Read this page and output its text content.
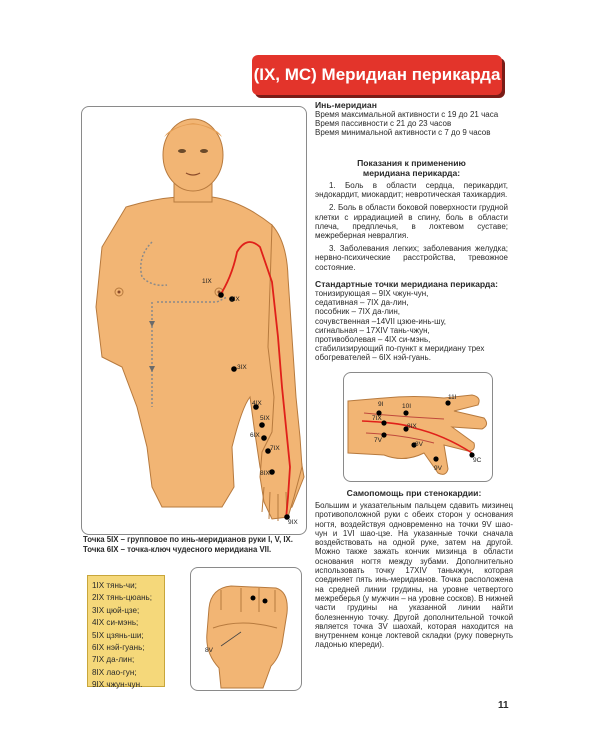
(IX, МС) Меридиан перикарда
1IX
2IX
3IX
4IX
5IX
6IX
7IX
8IX
9IX
Точка 5IX – групповое по инь-меридианов руки I, V, IX.
Точка 6IX – точка-ключ чудесного меридиана VII.
1IX тянь-чи;
2IX тянь-цюань;
3IX цюй-цзе;
4IX си-мэнь;
5IX цзянь-ши;
6IX нэй-гуань;
7IX да-лин;
8IX лао-гун;
9IX чжун-чун.
8V
Инь-меридиан
Время максимальной активности с 19 до 21 часа
Время пассивности с 21 до 23 часов
Время минимальной активности с 7 до 9 часов
Показания к применению
меридиана перикарда:
1. Боль в области сердца, перикардит, эндокардит, миокардит; невротическая тахикардия.
2. Боль в области боковой поверхности грудной клетки с иррадиацией в спину, боль в области плеча, предплечья, в локтевом суставе; межреберная невралгия.
3. Заболевания легких; заболевания желудка; нервно-психические расстройства, тревожное состояние.
Стандартные точки меридиана перикарда:
тонизирующая – 9IX чжун-чун,
седативная – 7IX да-лин,
пособник – 7IX да-лин,
сочувственная –14VII цзюе-инь-шу,
сигнальная – 17XIV тань-чжун,
противоболевая – 4IX си-мэнь,
стабилизирующий по-пункт к меридиану трех
обогревателей – 6IX нэй-гуань.
9I	10I
11I
7IX
8IX
7V
8V
9V
9C
Самопомощь при стенокардии:
Большим и указательным пальцем сдавить мизинец противоположной руки с обеих сторон у основания ногтя, воздействуя одновременно на точки 9V шао-чун и 1VI шао-цзе. На указанные точки сначала воздействовать на одной руке, затем на другой. Можно также зажать кончик мизинца в области основания ногтя между зубами. Дополнительно использовать точку 17XIV таньчжун, которая соединяет пять инь-меридианов. Точка расположена на средней линии грудины, на уровне четвертого межреберья (у мужчин – на уровне сосков). В нижней части грудины на указанной линии найти болезненную точку. Другой дополнительной точкой является точка 3V шаохай, которая находится на внутреннем конце локтевой складки (руку повернуть ладонью кпереди).
11
